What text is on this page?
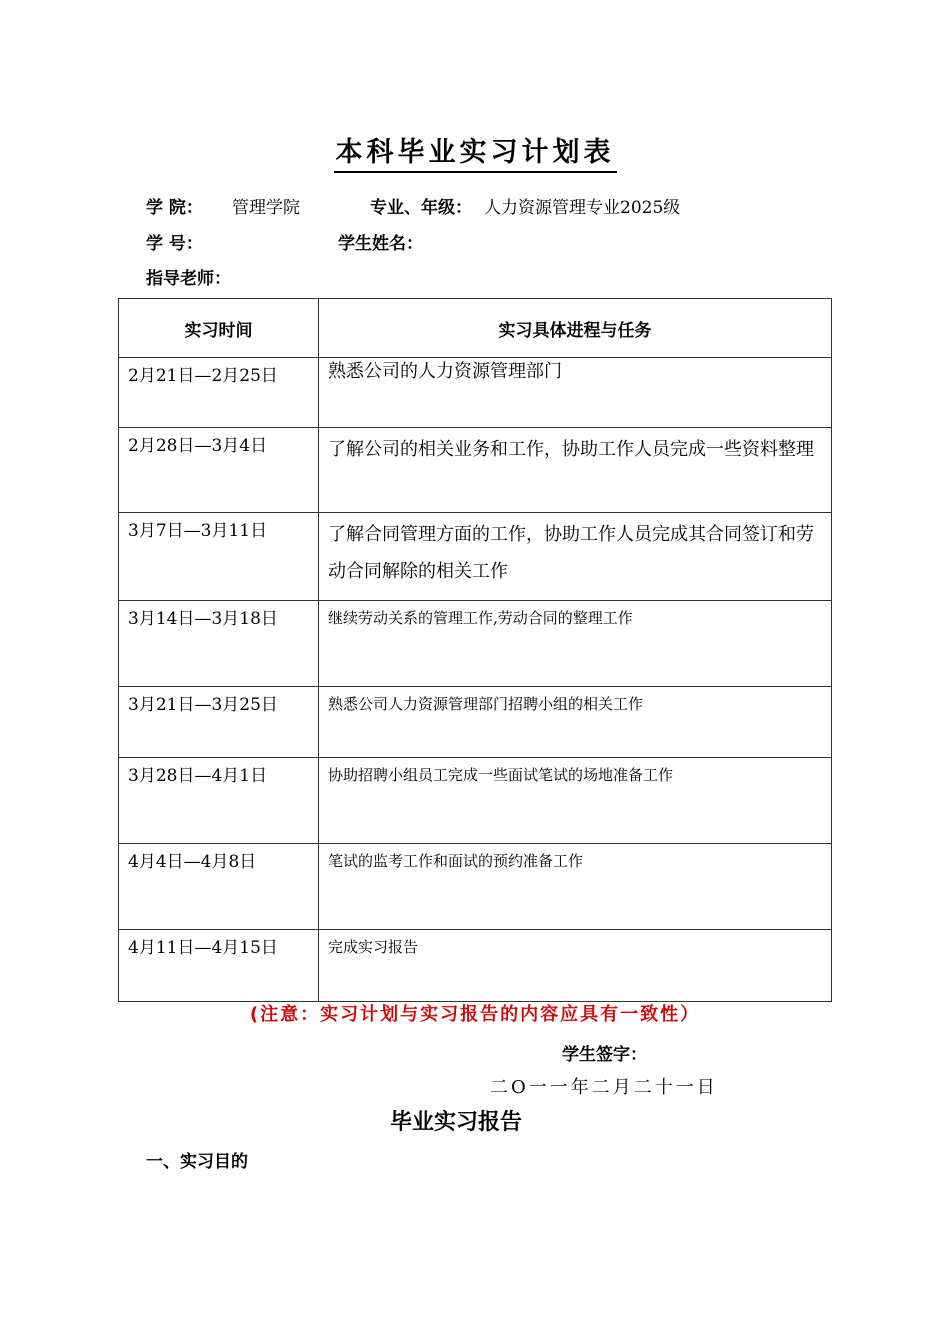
本科毕业实习计划表
学 院： 管理学院	专业、年级： 人力资源管理专业2025级
学 号：	学生姓名：
指导老师：
实习时间	实习具体进程与任务

2月21日—2月25日	熟悉公司的人力资源管理部门

2月28日—3月4日	了解公司的相关业务和工作，协助工作人员完成一些资料整理

3月7日—3月11日	了解合同管理方面的工作，协助工作人员完成其合同签订和劳动合同解除的相关工作

3月14日—3月18日	继续劳动关系的管理工作,劳动合同的整理工作

3月21日—3月25日	熟悉公司人力资源管理部门招聘小组的相关工作

3月28日—4月1日	协助招聘小组员工完成一些面试笔试的场地准备工作

4月4日—4月8日	笔试的监考工作和面试的预约准备工作

4月11日—4月15日	完成实习报告
(注意：实习计划与实习报告的内容应具有一致性）
学生签字：
二O一一年二月二十一日
毕业实习报告
一、实习目的
